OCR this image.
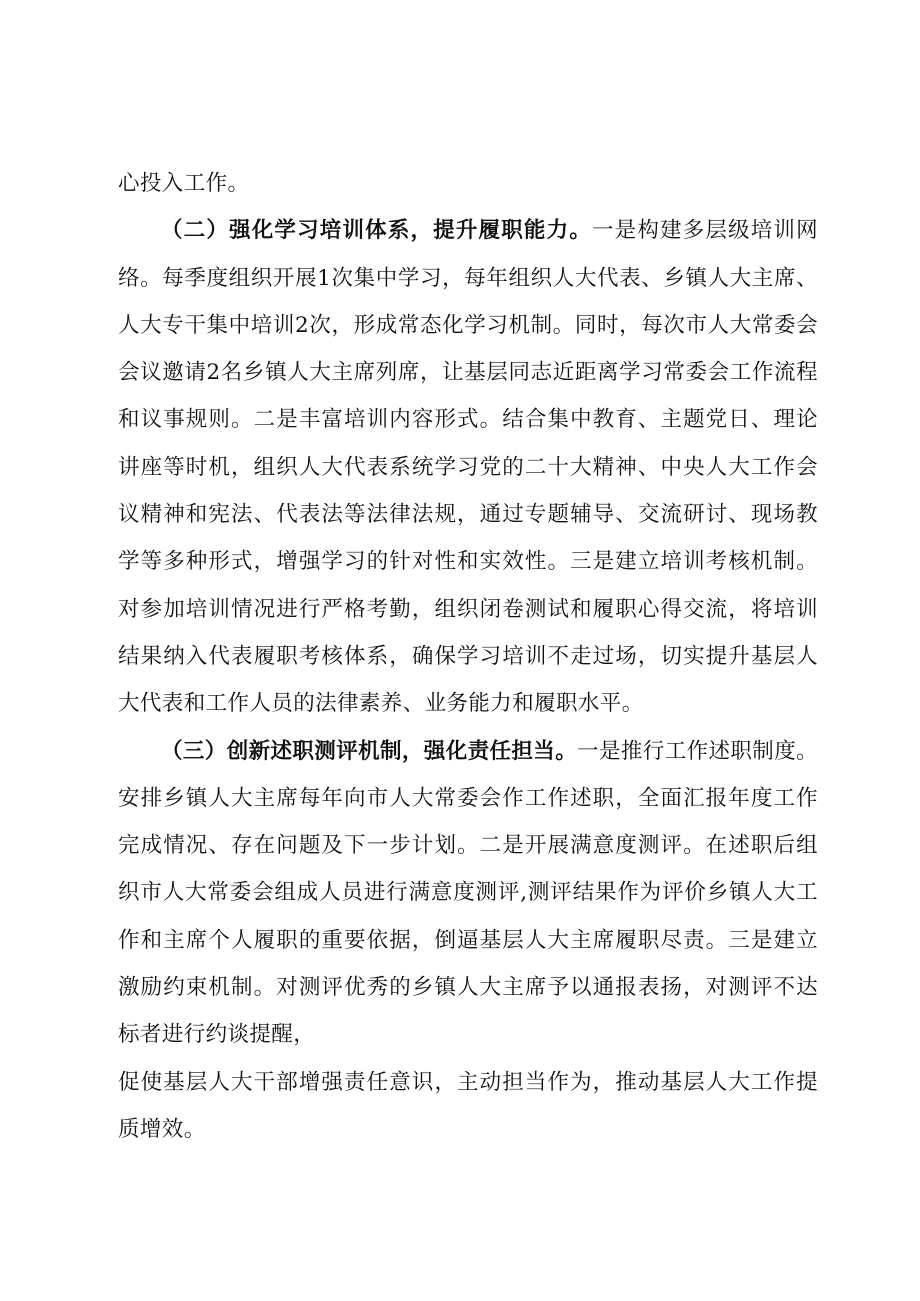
心投入工作。

（二）强化学习培训体系，提升履职能力。一是构建多层级培训网络。每季度组织开展1次集中学习，每年组织人大代表、乡镇人大主席、人大专干集中培训2次，形成常态化学习机制。同时，每次市人大常委会会议邀请2名乡镇人大主席列席，让基层同志近距离学习常委会工作流程和议事规则。二是丰富培训内容形式。结合集中教育、主题党日、理论讲座等时机，组织人大代表系统学习党的二十大精神、中央人大工作会议精神和宪法、代表法等法律法规，通过专题辅导、交流研讨、现场教学等多种形式，增强学习的针对性和实效性。三是建立培训考核机制。对参加培训情况进行严格考勤，组织闭卷测试和履职心得交流，将培训结果纳入代表履职考核体系，确保学习培训不走过场，切实提升基层人大代表和工作人员的法律素养、业务能力和履职水平。

（三）创新述职测评机制，强化责任担当。一是推行工作述职制度。安排乡镇人大主席每年向市人大常委会作工作述职，全面汇报年度工作完成情况、存在问题及下一步计划。二是开展满意度测评。在述职后组织市人大常委会组成人员进行满意度测评,测评结果作为评价乡镇人大工作和主席个人履职的重要依据，倒逼基层人大主席履职尽责。三是建立激励约束机制。对测评优秀的乡镇人大主席予以通报表扬，对测评不达标者进行约谈提醒，

促使基层人大干部增强责任意识，主动担当作为，推动基层人大工作提质增效。
